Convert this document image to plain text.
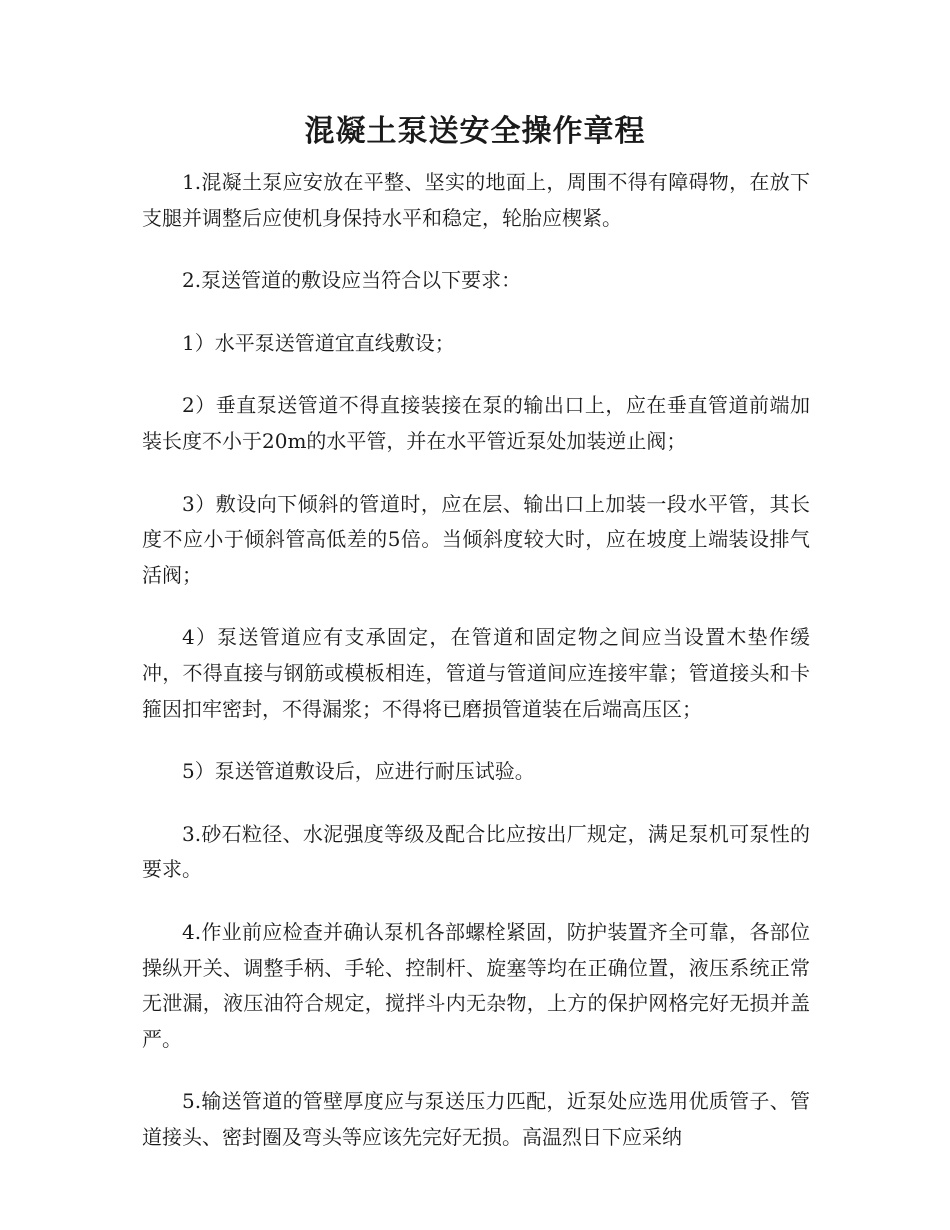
混凝土泵送安全操作章程

1.混凝土泵应安放在平整、坚实的地面上，周围不得有障碍物，在放下支腿并调整后应使机身保持水平和稳定，轮胎应楔紧。

2.泵送管道的敷设应当符合以下要求：

1）水平泵送管道宜直线敷设；

2）垂直泵送管道不得直接装接在泵的输出口上，应在垂直管道前端加装长度不小于20m的水平管，并在水平管近泵处加装逆止阀；

3）敷设向下倾斜的管道时，应在层、输出口上加装一段水平管，其长度不应小于倾斜管高低差的5倍。当倾斜度较大时，应在坡度上端装设排气活阀；

4）泵送管道应有支承固定，在管道和固定物之间应当设置木垫作缓冲，不得直接与钢筋或模板相连，管道与管道间应连接牢靠；管道接头和卡箍因扣牢密封，不得漏浆；不得将已磨损管道装在后端高压区；

5）泵送管道敷设后，应进行耐压试验。

3.砂石粒径、水泥强度等级及配合比应按出厂规定，满足泵机可泵性的要求。

4.作业前应检查并确认泵机各部螺栓紧固，防护装置齐全可靠，各部位操纵开关、调整手柄、手轮、控制杆、旋塞等均在正确位置，液压系统正常无泄漏，液压油符合规定，搅拌斗内无杂物，上方的保护网格完好无损并盖严。

5.输送管道的管壁厚度应与泵送压力匹配，近泵处应选用优质管子、管道接头、密封圈及弯头等应该先完好无损。高温烈日下应采纳
